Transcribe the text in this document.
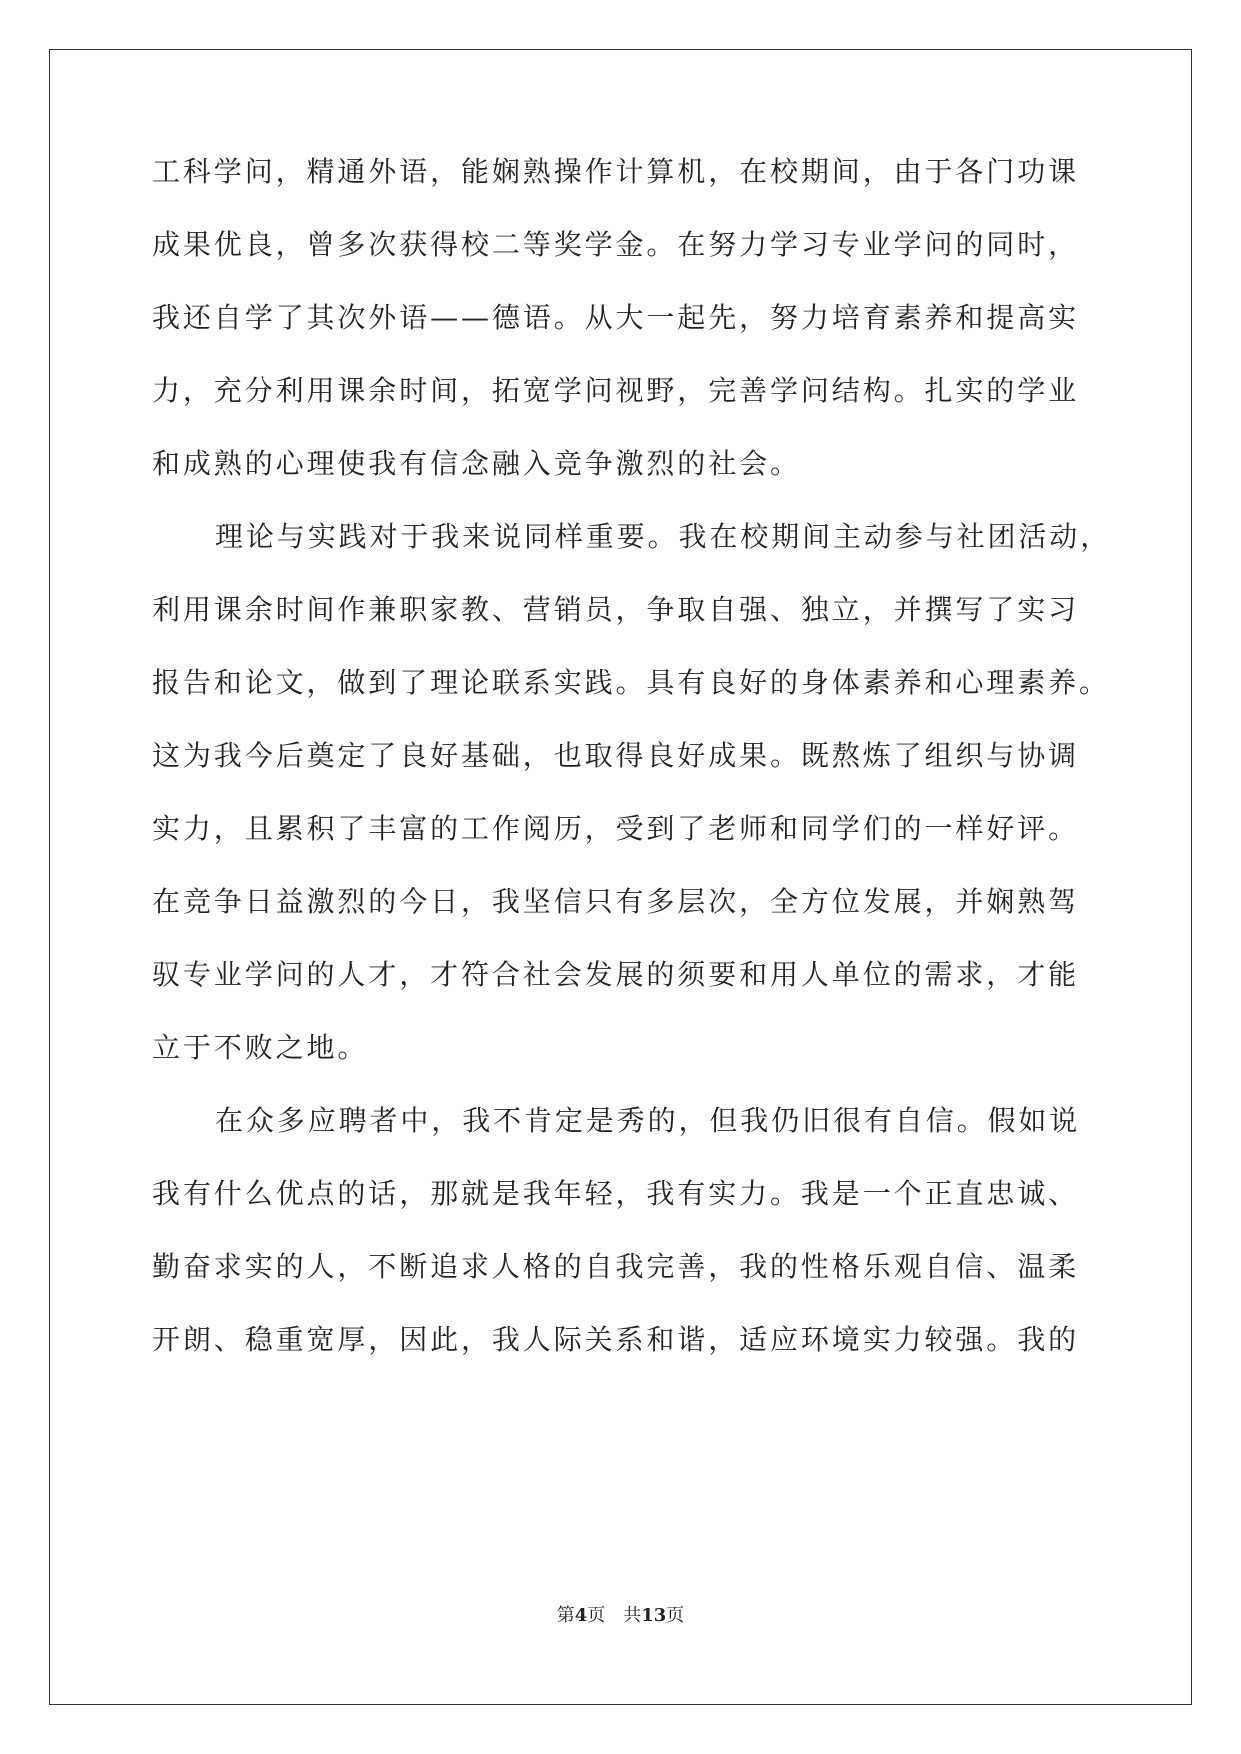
工科学问，精通外语，能娴熟操作计算机，在校期间，由于各门功课
成果优良，曾多次获得校二等奖学金。在努力学习专业学问的同时，
我还自学了其次外语——德语。从大一起先，努力培育素养和提高实
力，充分利用课余时间，拓宽学问视野，完善学问结构。扎实的学业
和成熟的心理使我有信念融入竞争激烈的社会。
理论与实践对于我来说同样重要。我在校期间主动参与社团活动，
利用课余时间作兼职家教、营销员，争取自强、独立，并撰写了实习
报告和论文，做到了理论联系实践。具有良好的身体素养和心理素养。
这为我今后奠定了良好基础，也取得良好成果。既熬炼了组织与协调
实力，且累积了丰富的工作阅历，受到了老师和同学们的一样好评。
在竞争日益激烈的今日，我坚信只有多层次，全方位发展，并娴熟驾
驭专业学问的人才，才符合社会发展的须要和用人单位的需求，才能
立于不败之地。
在众多应聘者中，我不肯定是秀的，但我仍旧很有自信。假如说
我有什么优点的话，那就是我年轻，我有实力。我是一个正直忠诚、
勤奋求实的人，不断追求人格的自我完善，我的性格乐观自信、温柔
开朗、稳重宽厚，因此，我人际关系和谐，适应环境实力较强。我的
第4页　共13页
